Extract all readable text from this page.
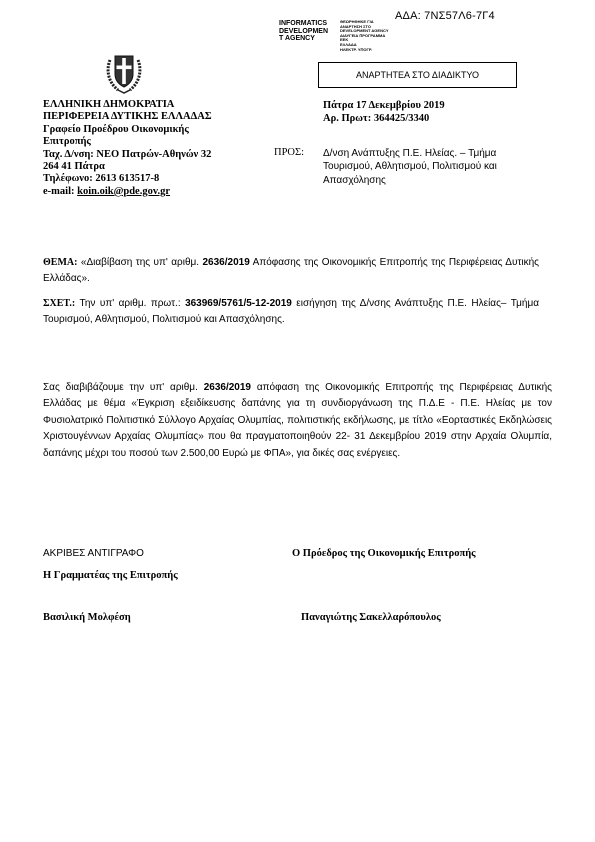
ΑΔΑ: 7ΝΣ57Λ6-7Γ4
INFORMATICS
DEVELOPMEN
T AGENCY
ΘΕΩΡΗΘΗΚΕ ΓΙΑ
ΑΝΑΡΤΗΣΗ ΣΤΟ
DEVELOPMENT AGENCY
ΔΙΑΥΓΕΙΑ ΠΡΟΓΡΑΜΜΑ
ΕΕΚ
ΕΛΛΑΔΑ
ΗΛΕΚΤΡ. ΥΠΟΓΡ.
ΑΝΑΡΤΗΤΕΑ ΣΤΟ ΔΙΑΔΙΚΤΥΟ
ΕΛΛΗΝΙΚΗ ΔΗΜΟΚΡΑΤΙΑ
ΠΕΡΙΦΕΡΕΙΑ ΔΥΤΙΚΗΣ ΕΛΛΑΔΑΣ
Γραφείο Προέδρου Οικονομικής
Επιτροπής
Ταχ. Δ/νση: ΝΕΟ Πατρών-Αθηνών 32
264 41 Πάτρα
Τηλέφωνο: 2613 613517-8
e-mail: koin.oik@pde.gov.gr
Πάτρα 17 Δεκεμβρίου 2019
Αρ. Πρωτ: 364425/3340
ΠΡΟΣ: Δ/νση Ανάπτυξης Π.Ε. Ηλείας. – Τμήμα Τουρισμού, Αθλητισμού, Πολιτισμού και Απασχόλησης
ΘΕΜΑ: «Διαβίβαση της υπ' αριθμ. 2636/2019 Απόφασης της Οικονομικής Επιτροπής της Περιφέρειας Δυτικής Ελλάδας».
ΣΧΕΤ.: Την υπ' αριθμ. πρωτ.: 363969/5761/5-12-2019 εισήγηση της Δ/νσης Ανάπτυξης Π.Ε. Ηλείας– Τμήμα Τουρισμού, Αθλητισμού, Πολιτισμού και Απασχόλησης.
Σας διαβιβάζουμε την υπ' αριθμ. 2636/2019 απόφαση της Οικονομικής Επιτροπής της Περιφέρειας Δυτικής Ελλάδας με θέμα «Έγκριση εξειδίκευσης δαπάνης για τη συνδιοργάνωση της Π.Δ.Ε - Π.Ε. Ηλείας με τον Φυσιολατρικό Πολιτιστικό Σύλλογο Αρχαίας Ολυμπίας, πολιτιστικής εκδήλωσης, με τίτλο «Εορταστικές Εκδηλώσεις Χριστουγέννων Αρχαίας Ολυμπίας» που θα πραγματοποιηθούν 22- 31 Δεκεμβρίου 2019 στην Αρχαία Ολυμπία, δαπάνης μέχρι του ποσού των 2.500,00 Ευρώ με ΦΠΑ», για δικές σας ενέργειες.
ΑΚΡΙΒΕΣ ΑΝΤΙΓΡΑΦΟ
Η Γραμματέας της Επιτροπής
Βασιλική Μολφέση
Ο Πρόεδρος της Οικονομικής Επιτροπής
Παναγιώτης Σακελλαρόπουλος
